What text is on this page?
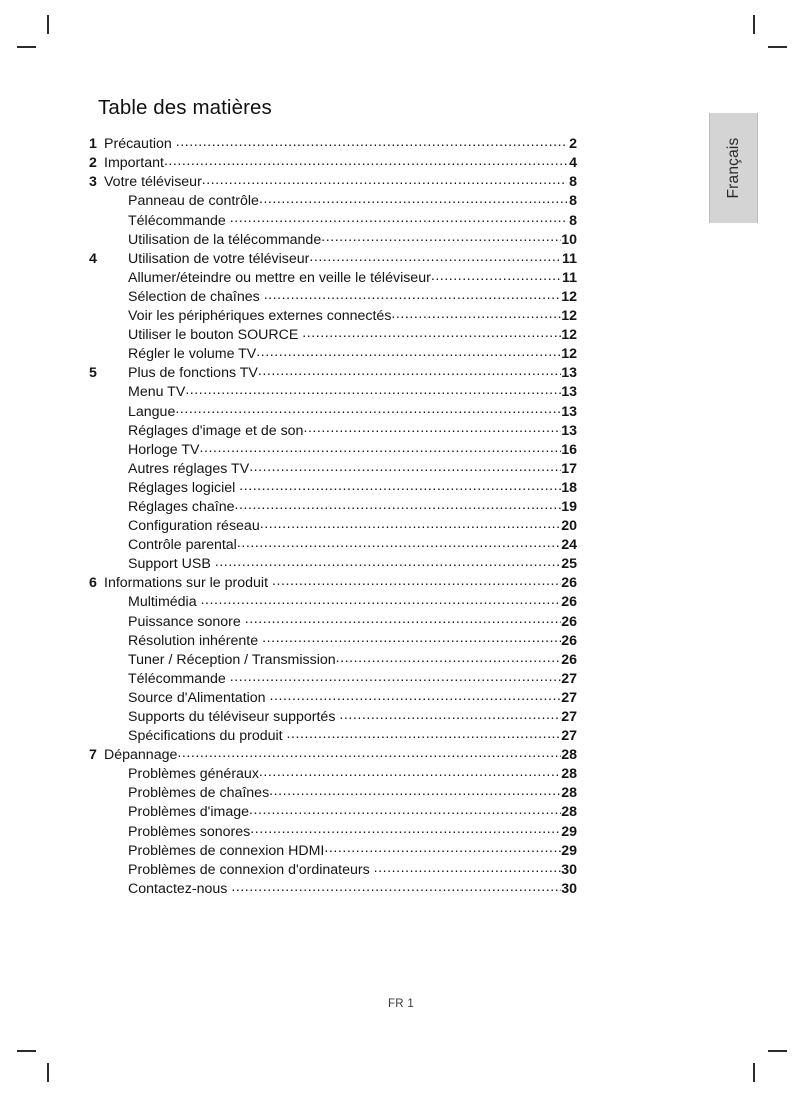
Français
Table des matières
1 Précaution .....	2
2 Important .....	4
3 Votre téléviseur .....	8
Panneau de contrôle .....	8
Télécommande .....	8
Utilisation de la télécommande .....	10
4	Utilisation de votre téléviseur .....	11
Allumer/éteindre ou mettre en veille le téléviseur .....	11
Sélection de chaînes .....	12
Voir les périphériques externes connectés .....	12
Utiliser le bouton SOURCE .....	12
Régler le volume TV .....	12
5	Plus de fonctions TV .....	13
Menu TV .....	13
Langue .....	13
Réglages d'image et de son .....	13
Horloge TV .....	16
Autres réglages TV .....	17
Réglages logiciel .....	18
Réglages chaîne .....	19
Configuration réseau .....	20
Contrôle parental .....	24
Support USB .....	25
6 Informations sur le produit .....	26
Multimédia .....	26
Puissance sonore .....	26
Résolution inhérente .....	26
Tuner / Réception / Transmission .....	26
Télécommande .....	27
Source d'Alimentation .....	27
Supports du téléviseur supportés .....	27
Spécifications du produit .....	27
7 Dépannage .....	28
Problèmes généraux .....	28
Problèmes de chaînes .....	28
Problèmes d'image .....	28
Problèmes sonores .....	29
Problèmes de connexion HDMI .....	29
Problèmes de connexion d'ordinateurs .....	30
Contactez-nous .....	30
FR 1
